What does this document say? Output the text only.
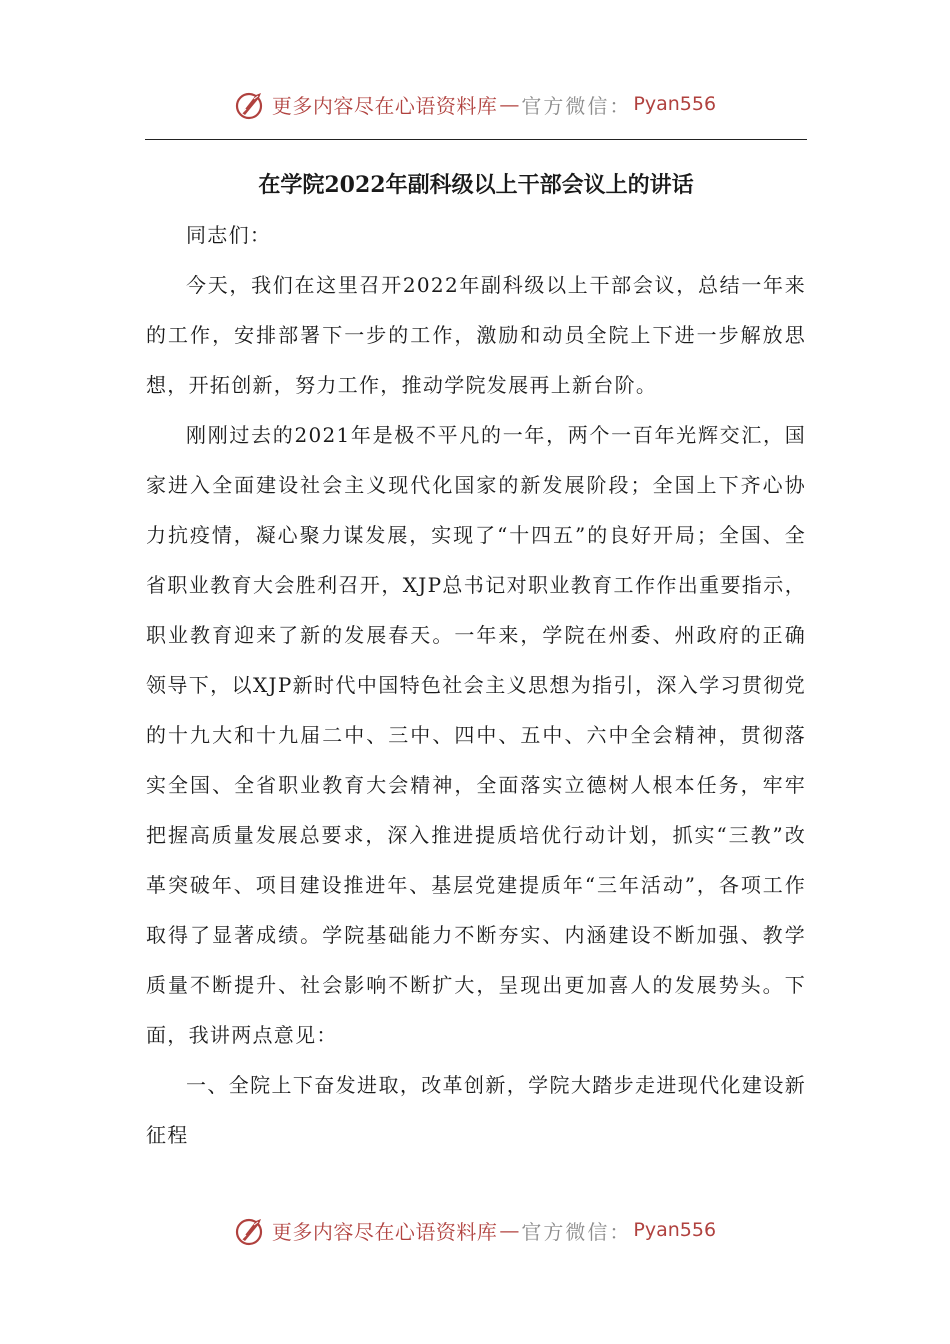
更多内容尽在心语资料库 — 官方微信： Pyan556
在学院2022年副科级以上干部会议上的讲话

同志们：

今天，我们在这里召开2022年副科级以上干部会议，总结一年来的工作，安排部署下一步的工作，激励和动员全院上下进一步解放思想，开拓创新，努力工作，推动学院发展再上新台阶。

刚刚过去的2021年是极不平凡的一年，两个一百年光辉交汇，国家进入全面建设社会主义现代化国家的新发展阶段；全国上下齐心协力抗疫情，凝心聚力谋发展，实现了“十四五”的良好开局；全国、全省职业教育大会胜利召开，XJP总书记对职业教育工作作出重要指示，职业教育迎来了新的发展春天。一年来，学院在州委、州政府的正确领导下，以XJP新时代中国特色社会主义思想为指引，深入学习贯彻党的十九大和十九届二中、三中、四中、五中、六中全会精神，贯彻落实全国、全省职业教育大会精神，全面落实立德树人根本任务，牢牢把握高质量发展总要求，深入推进提质培优行动计划，抓实“三教”改革突破年、项目建设推进年、基层党建提质年“三年活动”，各项工作取得了显著成绩。学院基础能力不断夯实、内涵建设不断加强、教学质量不断提升、社会影响不断扩大，呈现出更加喜人的发展势头。下面，我讲两点意见：

一、全院上下奋发进取，改革创新，学院大踏步走进现代化建设新征程

更多内容尽在心语资料库 — 官方微信： Pyan556
